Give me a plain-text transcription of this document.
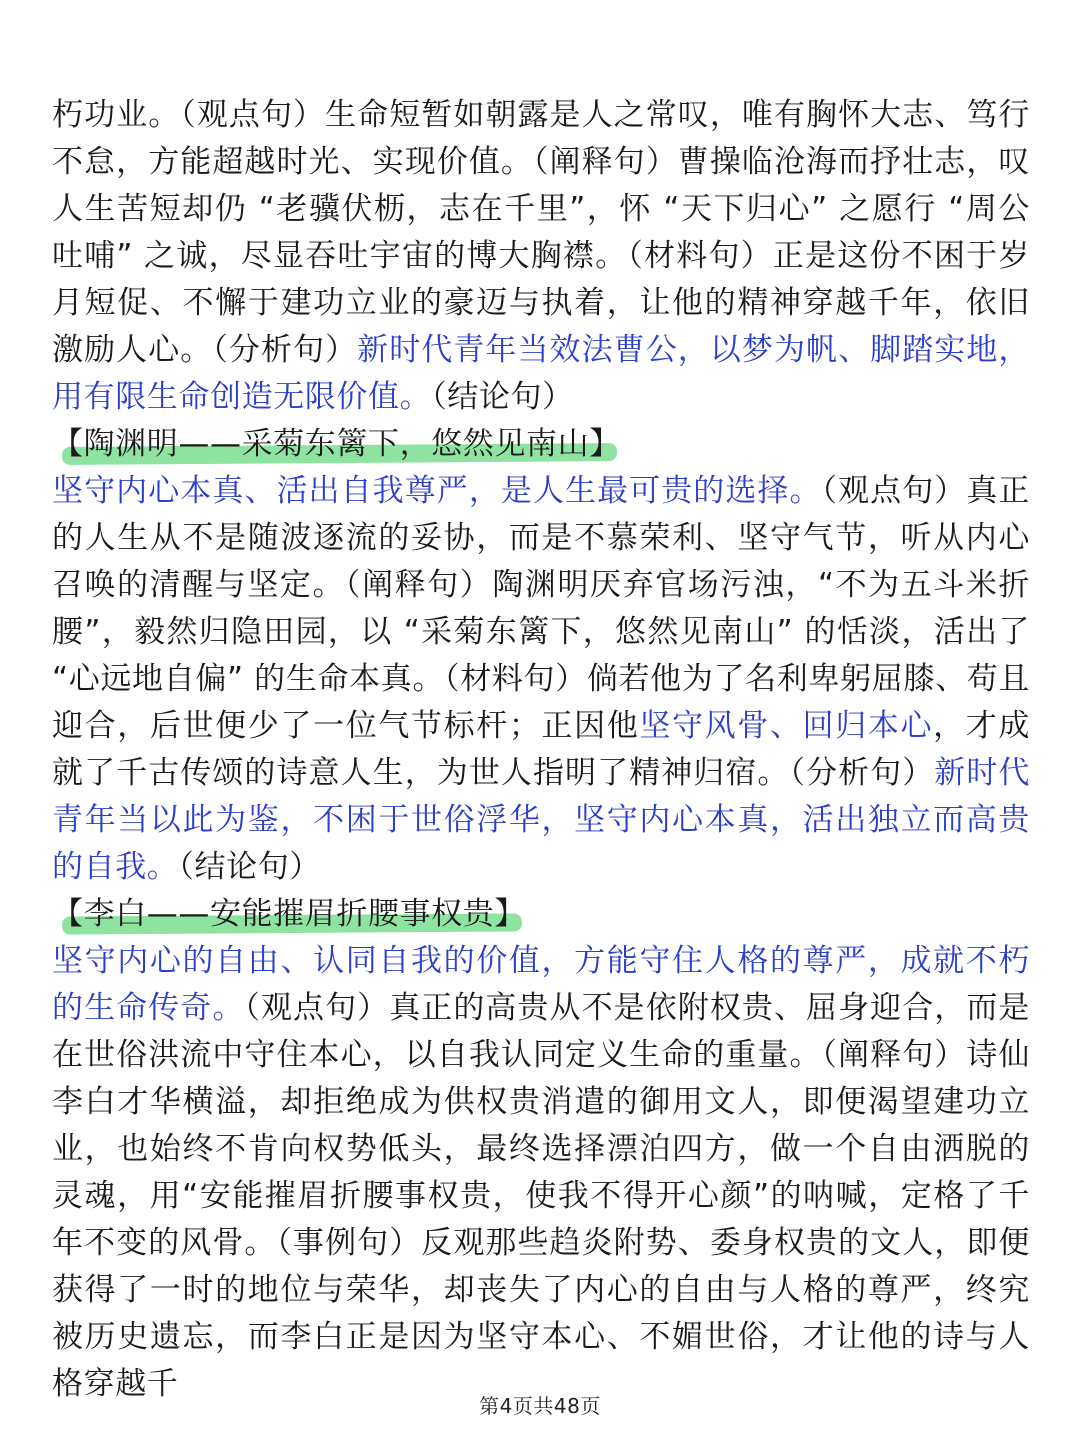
朽功业。（观点句）生命短暂如朝露是人之常叹，唯有胸怀大志、笃行不怠，方能超越时光、实现价值。（阐释句）曹操临沧海而抒壮志，叹人生苦短却仍 “老骥伏枥，志在千里”，怀 “天下归心” 之愿行 “周公吐哺” 之诚，尽显吞吐宇宙的博大胸襟。（材料句）正是这份不困于岁月短促、不懈于建功立业的豪迈与执着，让他的精神穿越千年，依旧激励人心。（分析句）新时代青年当效法曹公，以梦为帆、脚踏实地，用有限生命创造无限价值。（结论句）

【陶渊明——采菊东篱下，悠然见南山】

坚守内心本真、活出自我尊严，是人生最可贵的选择。（观点句）真正的人生从不是随波逐流的妥协，而是不慕荣利、坚守气节，听从内心召唤的清醒与坚定。（阐释句）陶渊明厌弃官场污浊，“不为五斗米折腰”，毅然归隐田园，以 “采菊东篱下，悠然见南山” 的恬淡，活出了 “心远地自偏” 的生命本真。（材料句）倘若他为了名利卑躬屈膝、苟且迎合，后世便少了一位气节标杆；正因他坚守风骨、回归本心，才成就了千古传颂的诗意人生，为世人指明了精神归宿。（分析句）新时代青年当以此为鉴，不困于世俗浮华，坚守内心本真，活出独立而高贵的自我。（结论句）

【李白——安能摧眉折腰事权贵】

坚守内心的自由、认同自我的价值，方能守住人格的尊严，成就不朽的生命传奇。（观点句）真正的高贵从不是依附权贵、屈身迎合，而是在世俗洪流中守住本心，以自我认同定义生命的重量。（阐释句）诗仙李白才华横溢，却拒绝成为供权贵消遣的御用文人，即便渴望建功立业，也始终不肯向权势低头，最终选择漂泊四方，做一个自由洒脱的灵魂，用“安能摧眉折腰事权贵，使我不得开心颜”的呐喊，定格了千年不变的风骨。（事例句）反观那些趋炎附势、委身权贵的文人，即便获得了一时的地位与荣华，却丧失了内心的自由与人格的尊严，终究被历史遗忘，而李白正是因为坚守本心、不媚世俗，才让他的诗与人格穿越千

第4页共48页
